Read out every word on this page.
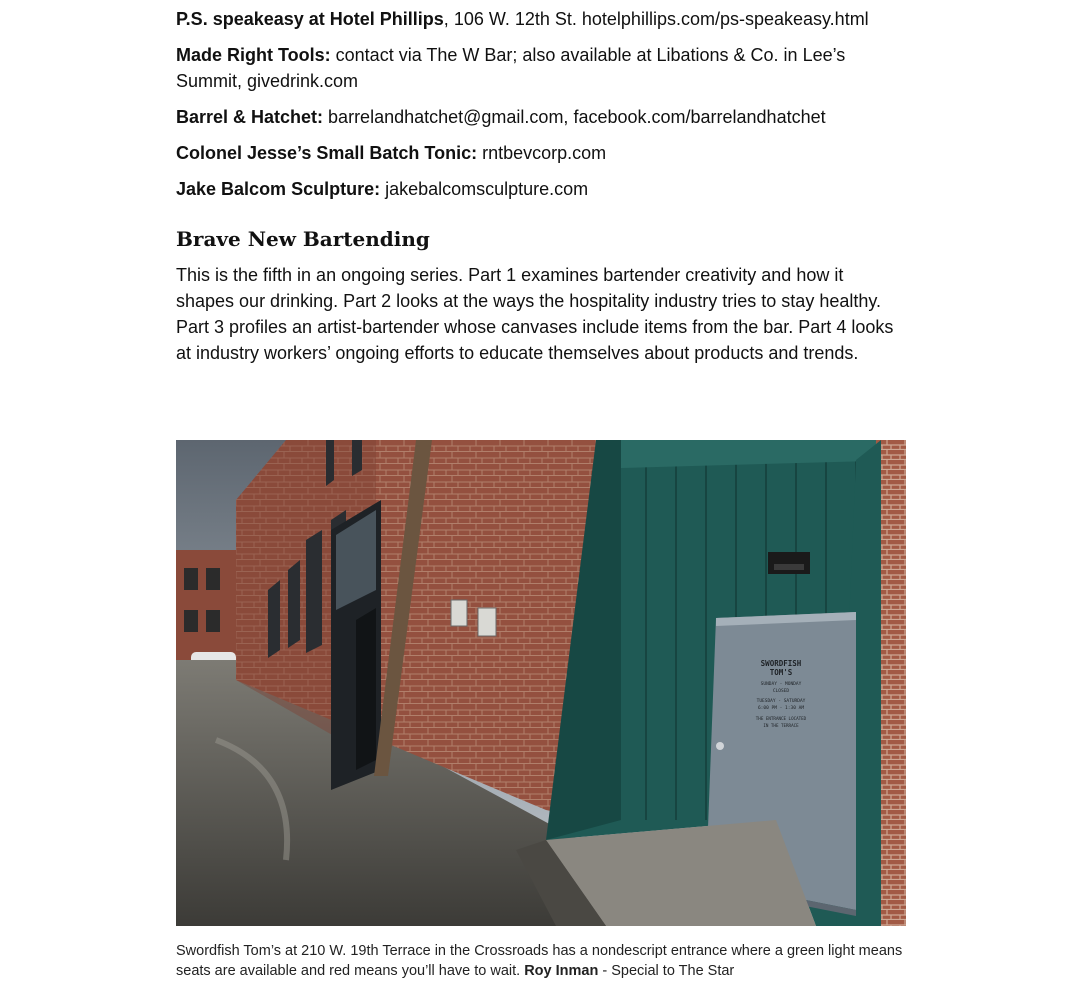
P.S. speakeasy at Hotel Phillips, 106 W. 12th St. hotelphillips.com/ps-speakeasy.html

Made Right Tools: contact via The W Bar; also available at Libations & Co. in Lee’s Summit, givedrink.com

Barrel & Hatchet: barrelandhatchet@gmail.com, facebook.com/barrelandhatchet

Colonel Jesse’s Small Batch Tonic: rntbevcorp.com

Jake Balcom Sculpture: jakebalcomsculpture.com

Brave New Bartending

This is the fifth in an ongoing series. Part 1 examines bartender creativity and how it shapes our drinking. Part 2 looks at the ways the hospitality industry tries to stay healthy. Part 3 profiles an artist-bartender whose canvases include items from the bar. Part 4 looks at industry workers’ ongoing efforts to educate themselves about products and trends.

SWORDFISH
TOM'S
SUNDAY - MONDAY
CLOSED
TUESDAY - SATURDAY
6:00 PM - 1:30 AM
THE ENTRANCE LOCATED
IN THE TERRACE
Swordfish Tom’s at 210 W. 19th Terrace in the Crossroads has a nondescript entrance where a green light means seats are available and red means you’ll have to wait. Roy Inman - Special to The Star
